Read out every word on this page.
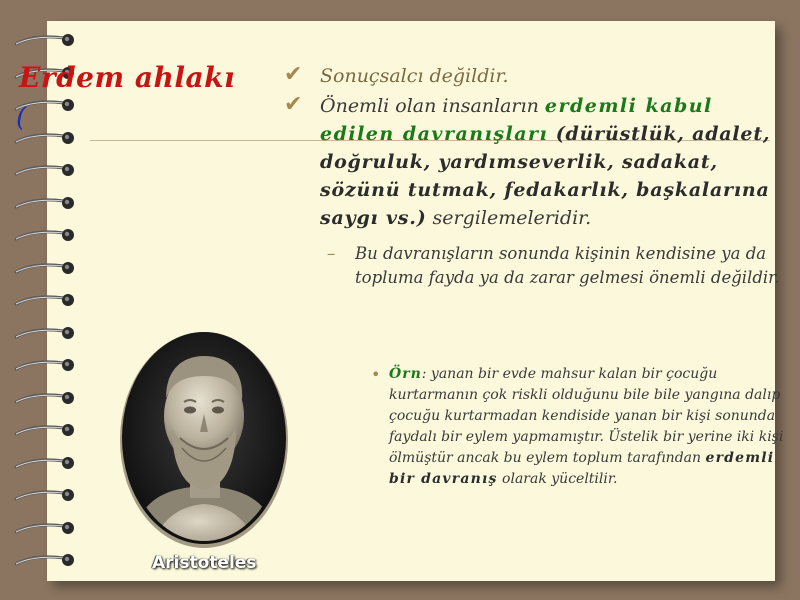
Erdem ahlakı
(

✔ Sonuçsalcı değildir.

✔ Önemli olan insanların erdemli kabul edilen davranışları (dürüstlük, adalet, doğruluk, yardımseverlik, sadakat, sözünü tutmak, fedakarlık, başkalarına saygı vs.) sergilemeleridir.

– Bu davranışların sonunda kişinin kendisine ya da topluma fayda ya da zarar gelmesi önemli değildir.

• Örn: yanan bir evde mahsur kalan bir çocuğu kurtarmanın çok riskli olduğunu bile bile yangına dalıp çocuğu kurtarmadan kendiside yanan bir kişi sonunda faydalı bir eylem yapmamıştır. Üstelik bir yerine iki kişi ölmüştür ancak bu eylem toplum tarafından erdemli bir davranış olarak yüceltilir.
Aristoteles
